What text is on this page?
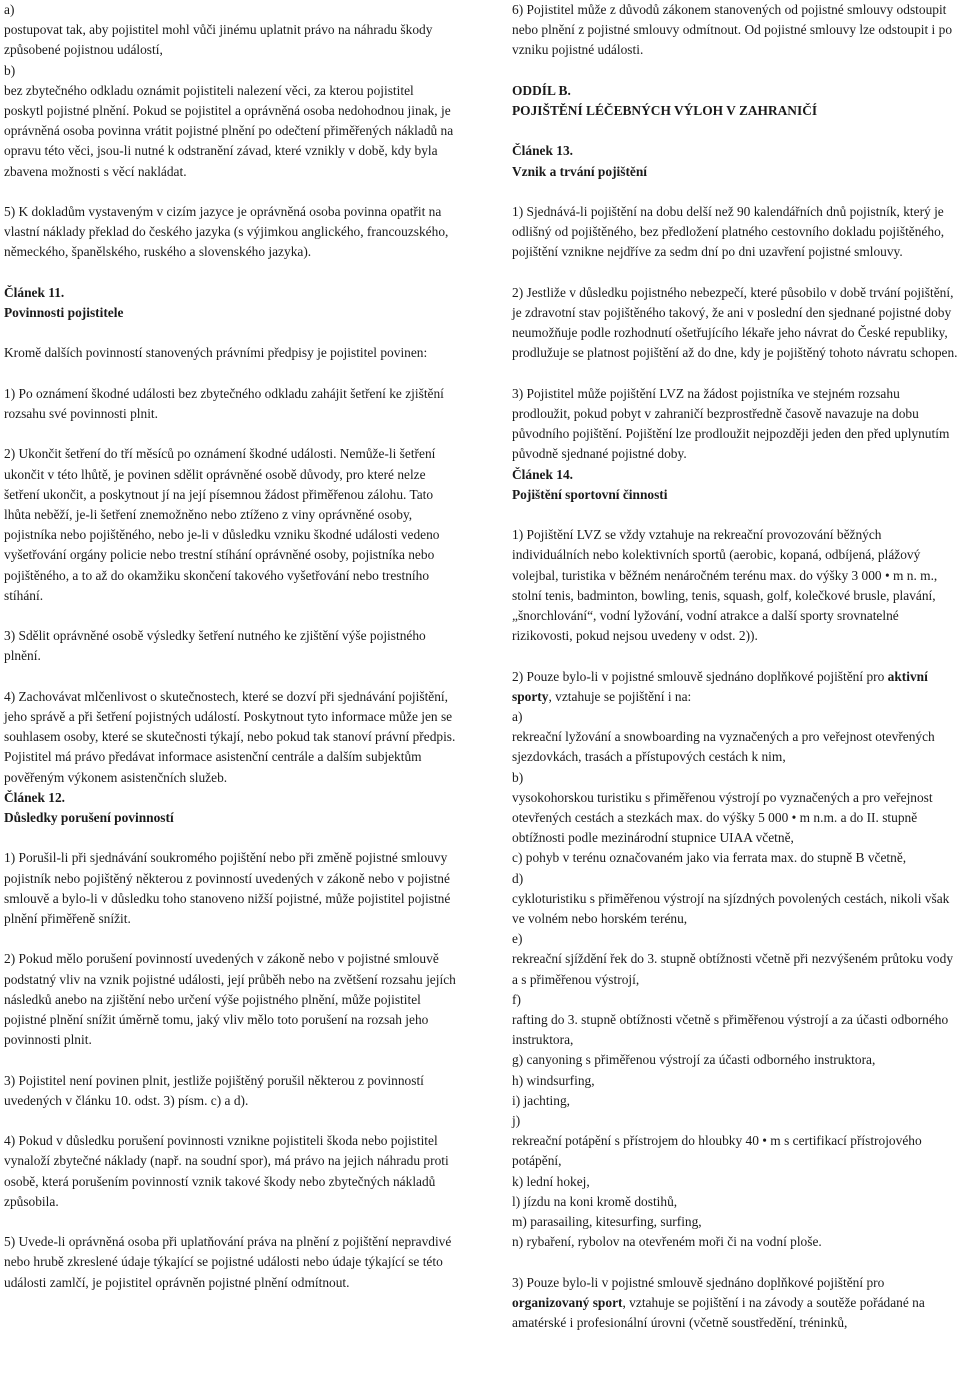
a)

postupovat tak, aby pojistitel mohl vůči jinému uplatnit právo na náhradu škody způsobené pojistnou událostí,

b)

bez zbytečného odkladu oznámit pojistiteli nalezení věci, za kterou pojistitel poskytl pojistné plnění. Pokud se pojistitel a oprávněná osoba nedohodnou jinak, je oprávněná osoba povinna vrátit pojistné plnění po odečtení přiměřených nákladů na opravu této věci, jsou-li nutné k odstranění závad, které vznikly v době, kdy byla zbavena možnosti s věcí nakládat.

5) K dokladům vystaveným v cizím jazyce je oprávněná osoba povinna opatřit na vlastní náklady překlad do českého jazyka (s výjimkou anglického, francouzského, německého, španělského, ruského a slovenského jazyka).

Článek 11.

Povinnosti pojistitele

Kromě dalších povinností stanovených právními předpisy je pojistitel povinen:

1) Po oznámení škodné události bez zbytečného odkladu zahájit šetření ke zjištění rozsahu své povinnosti plnit.

2) Ukončit šetření do tří měsíců po oznámení škodné události. Nemůže-li šetření ukončit v této lhůtě, je povinen sdělit oprávněné osobě důvody, pro které nelze šetření ukončit, a poskytnout jí na její písemnou žádost přiměřenou zálohu. Tato lhůta neběží, je-li šetření znemožněno nebo ztíženo z viny oprávněné osoby, pojistníka nebo pojištěného, nebo je-li v důsledku vzniku škodné události vedeno vyšetřování orgány policie nebo trestní stíhání oprávněné osoby, pojistníka nebo pojištěného, a to až do okamžiku skončení takového vyšetřování nebo trestního stíhání.

3) Sdělit oprávněné osobě výsledky šetření nutného ke zjištění výše pojistného plnění.

4) Zachovávat mlčenlivost o skutečnostech, které se dozví při sjednávání pojištění, jeho správě a při šetření pojistných událostí. Poskytnout tyto informace může jen se souhlasem osoby, které se skutečnosti týkají, nebo pokud tak stanoví právní předpis. Pojistitel má právo předávat informace asistenční centrále a dalším subjektům pověřeným výkonem asistenčních služeb.

Článek 12.

Důsledky porušení povinností

1) Porušil-li při sjednávání soukromého pojištění nebo při změně pojistné smlouvy pojistník nebo pojištěný některou z povinností uvedených v zákoně nebo v pojistné smlouvě a bylo-li v důsledku toho stanoveno nižší pojistné, může pojistitel pojistné plnění přiměřeně snížit.

2) Pokud mělo porušení povinností uvedených v zákoně nebo v pojistné smlouvě podstatný vliv na vznik pojistné události, její průběh nebo na zvětšení rozsahu jejích následků anebo na zjištění nebo určení výše pojistného plnění, může pojistitel pojistné plnění snížit úměrně tomu, jaký vliv mělo toto porušení na rozsah jeho povinnosti plnit.

3) Pojistitel není povinen plnit, jestliže pojištěný porušil některou z povinností uvedených v článku 10. odst. 3) písm. c) a d).

4) Pokud v důsledku porušení povinnosti vznikne pojistiteli škoda nebo pojistitel vynaloží zbytečné náklady (např. na soudní spor), má právo na jejich náhradu proti osobě, která porušením povinností vznik takové škody nebo zbytečných nákladů způsobila.

5) Uvede-li oprávněná osoba při uplatňování práva na plnění z pojištění nepravdivé nebo hrubě zkreslené údaje týkající se pojistné události nebo údaje týkající se této události zamlčí, je pojistitel oprávněn pojistné plnění odmítnout.

6) Pojistitel může z důvodů zákonem stanovených od pojistné smlouvy odstoupit nebo plnění z pojistné smlouvy odmítnout. Od pojistné smlouvy lze odstoupit i po vzniku pojistné události.

ODDÍL B.

POJIŠTĚNÍ LÉČEBNÝCH VÝLOH V ZAHRANIČÍ

Článek 13.

Vznik a trvání pojištění

1) Sjednává-li pojištění na dobu delší než 90 kalendářních dnů pojistník, který je odlišný od pojištěného, bez předložení platného cestovního dokladu pojištěného, pojištění vznikne nejdříve za sedm dní po dni uzavření pojistné smlouvy.

2) Jestliže v důsledku pojistného nebezpečí, které působilo v době trvání pojištění, je zdravotní stav pojištěného takový, že ani v poslední den sjednané pojistné doby neumožňuje podle rozhodnutí ošetřujícího lékaře jeho návrat do České republiky, prodlužuje se platnost pojištění až do dne, kdy je pojištěný tohoto návratu schopen.

3) Pojistitel může pojištění LVZ na žádost pojistníka ve stejném rozsahu prodloužit, pokud pobyt v zahraničí bezprostředně časově navazuje na dobu původního pojištění. Pojištění lze prodloužit nejpozději jeden den před uplynutím původně sjednané pojistné doby.

Článek 14.

Pojištění sportovní činnosti

1) Pojištění LVZ se vždy vztahuje na rekreační provozování běžných individuálních nebo kolektivních sportů (aerobic, kopaná, odbíjená, plážový volejbal, turistika v běžném nenáročném terénu max. do výšky 3 000 • m n. m., stolní tenis, badminton, bowling, tenis, squash, golf, kolečkové brusle, plavání, „šnorchlování“, vodní lyžování, vodní atrakce a další sporty srovnatelné rizikovosti, pokud nejsou uvedeny v odst. 2)).

2) Pouze bylo-li v pojistné smlouvě sjednáno doplňkové pojištění pro aktivní sporty, vztahuje se pojištění i na:

a)

rekreační lyžování a snowboarding na vyznačených a pro veřejnost otevřených sjezdovkách, trasách a přístupových cestách k nim,

b)

vysokohorskou turistiku s přiměřenou výstrojí po vyznačených a pro veřejnost otevřených cestách a stezkách max. do výšky 5 000 • m n.m. a do II. stupně obtížnosti podle mezinárodní stupnice UIAA včetně,

c) pohyb v terénu označovaném jako via ferrata max. do stupně B včetně,

d)

cykloturistiku s přiměřenou výstrojí na sjízdných povolených cestách, nikoli však ve volném nebo horském terénu,

e)

rekreační sjíždění řek do 3. stupně obtížnosti včetně při nezvýšeném průtoku vody

a s přiměřenou výstrojí,

f)

rafting do 3. stupně obtížnosti včetně s přiměřenou výstrojí a za účasti odborného instruktora,

g) canyoning s přiměřenou výstrojí za účasti odborného instruktora,

h) windsurfing,

i) jachting,

j)

rekreační potápění s přístrojem do hloubky 40 • m s certifikací přístrojového potápění,

k) lední hokej,

l) jízdu na koni kromě dostihů,

m) parasailing, kitesurfing, surfing,

n) rybaření, rybolov na otevřeném moři či na vodní ploše.

3) Pouze bylo-li v pojistné smlouvě sjednáno doplňkové pojištění pro organizovaný sport, vztahuje se pojištění i na závody a soutěže pořádané na amatérské i profesionální úrovni (včetně soustředění, tréninků,
